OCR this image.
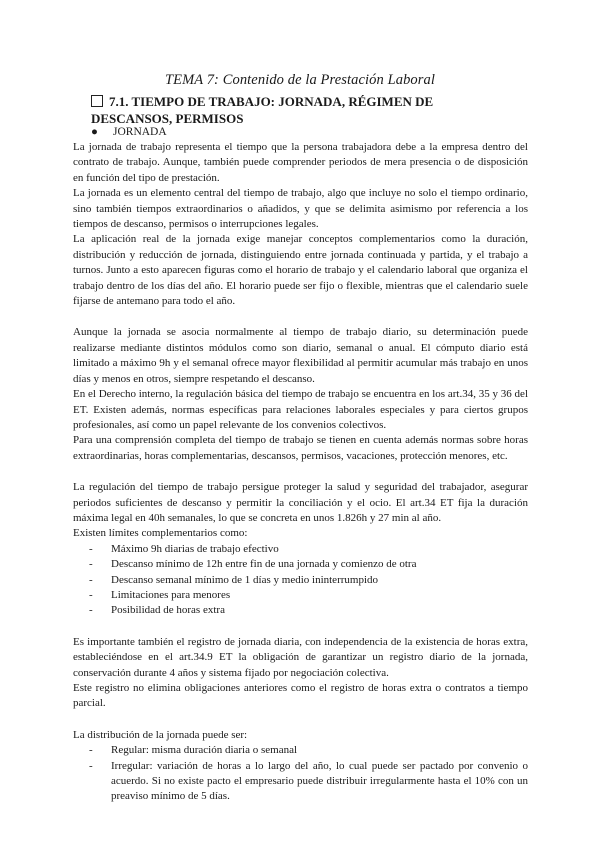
TEMA 7: Contenido de la Prestación Laboral
7.1. TIEMPO DE TRABAJO: JORNADA, RÉGIMEN DE DESCANSOS, PERMISOS
● JORNADA

La jornada de trabajo representa el tiempo que la persona trabajadora debe a la empresa dentro del contrato de trabajo. Aunque, también puede comprender periodos de mera presencia o de disposición en función del tipo de prestación.

La jornada es un elemento central del tiempo de trabajo, algo que incluye no solo el tiempo ordinario, sino también tiempos extraordinarios o añadidos, y que se delimita asimismo por referencia a los tiempos de descanso, permisos o interrupciones legales.

La aplicación real de la jornada exige manejar conceptos complementarios como la duración, distribución y reducción de jornada, distinguiendo entre jornada continuada y partida, y el trabajo a turnos. Junto a esto aparecen figuras como el horario de trabajo y el calendario laboral que organiza el trabajo dentro de los días del año. El horario puede ser fijo o flexible, mientras que el calendario suele fijarse de antemano para todo el año.

Aunque la jornada se asocia normalmente al tiempo de trabajo diario, su determinación puede realizarse mediante distintos módulos como son diario, semanal o anual. El cómputo diario está limitado a máximo 9h y el semanal ofrece mayor flexibilidad al permitir acumular más trabajo en unos días y menos en otros, siempre respetando el descanso.

En el Derecho interno, la regulación básica del tiempo de trabajo se encuentra en los art.34, 35 y 36 del ET. Existen además, normas específicas para relaciones laborales especiales y para ciertos grupos profesionales, así como un papel relevante de los convenios colectivos.

Para una comprensión completa del tiempo de trabajo se tienen en cuenta además normas sobre horas extraordinarias, horas complementarias, descansos, permisos, vacaciones, protección menores, etc.

La regulación del tiempo de trabajo persigue proteger la salud y seguridad del trabajador, asegurar periodos suficientes de descanso y permitir la conciliación y el ocio. El art.34 ET fija la duración máxima legal en 40h semanales, lo que se concreta en unos 1.826h y 27 min al año.

Existen límites complementarios como:

- Máximo 9h diarias de trabajo efectivo
- Descanso mínimo de 12h entre fin de una jornada y comienzo de otra
- Descanso semanal mínimo de 1 días y medio ininterrumpido
- Limitaciones para menores
- Posibilidad de horas extra

Es importante también el registro de jornada diaria, con independencia de la existencia de horas extra, estableciéndose en el art.34.9 ET la obligación de garantizar un registro diario de la jornada, conservación durante 4 años y sistema fijado por negociación colectiva.

Este registro no elimina obligaciones anteriores como el registro de horas extra o contratos a tiempo parcial.

La distribución de la jornada puede ser:

- Regular: misma duración diaria o semanal
- Irregular: variación de horas a lo largo del año, lo cual puede ser pactado por convenio o acuerdo. Si no existe pacto el empresario puede distribuir irregularmente hasta el 10% con un preaviso mínimo de 5 días.
